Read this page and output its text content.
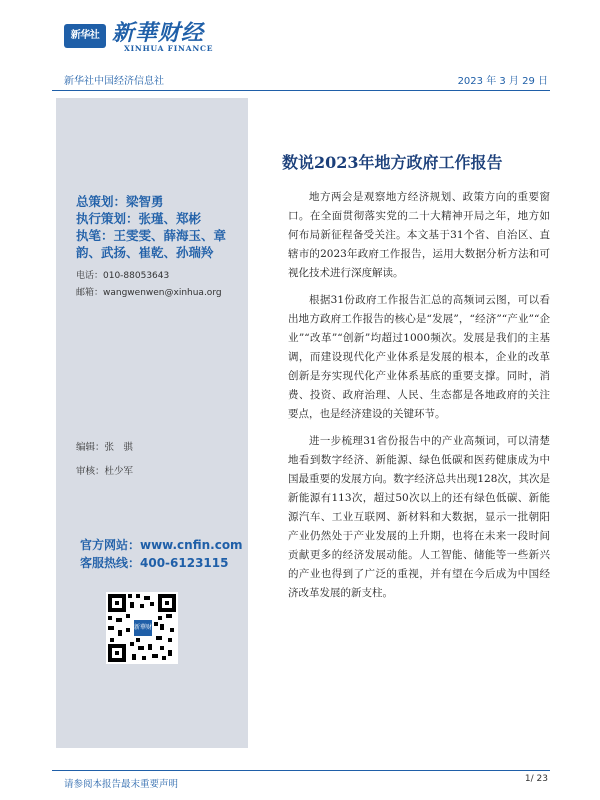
新华社 新華财经
XINHUA FINANCE
新华社中国经济信息社	2023 年 3 月 29 日
总策划：梁智勇
执行策划：张瑾、郑彬
执笔：王雯雯、薛海玉、章韵、武扬、崔乾、孙瑞羚
电话：010-88053643
邮箱：wangwenwen@xinhua.org
编辑：张　骐
审核：杜少军
官方网站：www.cnfin.com
客服热线：400-6123115
新華财经
数说2023年地方政府工作报告

地方两会是观察地方经济规划、政策方向的重要窗口。在全面贯彻落实党的二十大精神开局之年，地方如何布局新征程备受关注。本文基于31个省、自治区、直辖市的2023年政府工作报告，运用大数据分析方法和可视化技术进行深度解读。

根据31份政府工作报告汇总的高频词云图，可以看出地方政府工作报告的核心是“发展”，“经济”“产业”“企业”“改革”“创新”均超过1000频次。发展是我们的主基调，而建设现代化产业体系是发展的根本，企业的改革创新是夯实现代化产业体系基底的重要支撑。同时，消费、投资、政府治理、人民、生态都是各地政府的关注要点，也是经济建设的关键环节。

进一步梳理31省份报告中的产业高频词，可以清楚地看到数字经济、新能源、绿色低碳和医药健康成为中国最重要的发展方向。数字经济总共出现128次，其次是新能源有113次，超过50次以上的还有绿色低碳、新能源汽车、工业互联网、新材料和大数据，显示一批朝阳产业仍然处于产业发展的上升期，也将在未来一段时间贡献更多的经济发展动能。人工智能、储能等一些新兴的产业也得到了广泛的重视，并有望在今后成为中国经济改革发展的新支柱。

请参阅本报告最末重要声明	1/ 23
